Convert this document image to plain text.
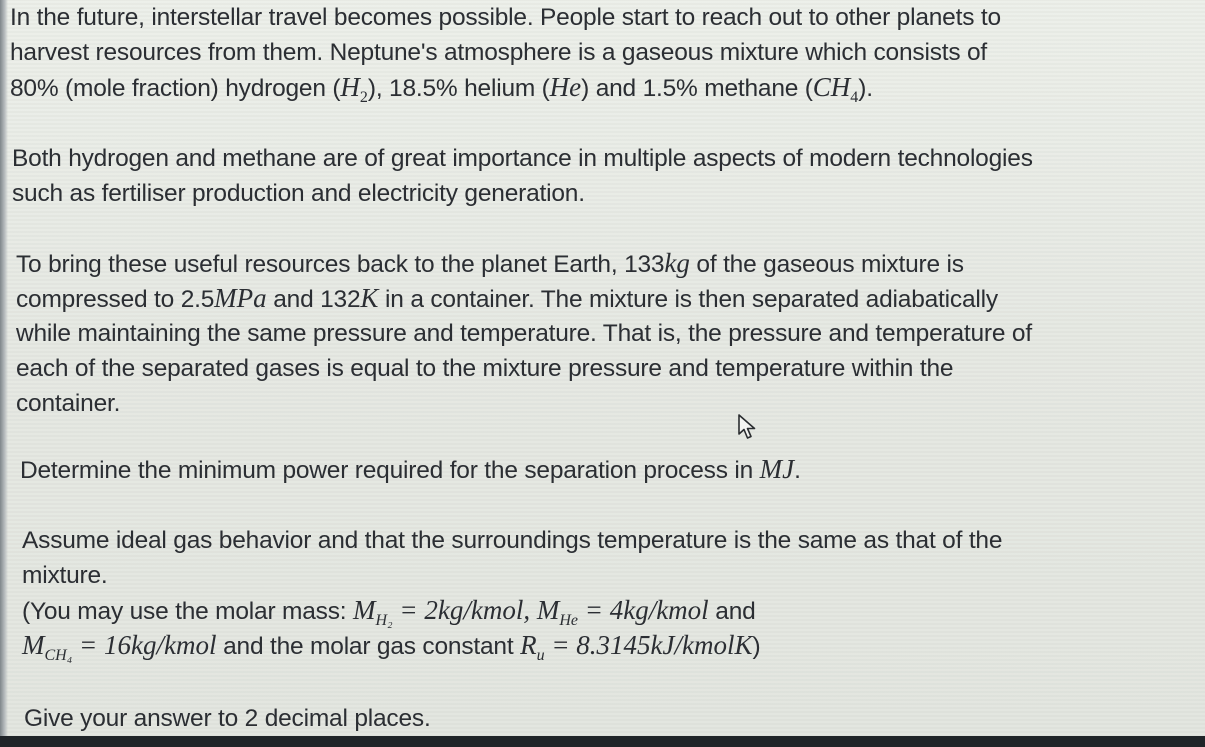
In the future, interstellar travel becomes possible. People start to reach out to other planets to
harvest resources from them. Neptune's atmosphere is a gaseous mixture which consists of
80% (mole fraction) hydrogen $(H_2)$, 18.5% helium (He) and 1.5% methane $(CH_4)$.
Both hydrogen and methane are of great importance in multiple aspects of modern technologies
such as fertiliser production and electricity generation.
To bring these useful resources back to the planet Earth, 133kg of the gaseous mixture is
compressed to 2.5MPa and 132K in a container. The mixture is then separated adiabatically
while maintaining the same pressure and temperature. That is, the pressure and temperature of
each of the separated gases is equal to the mixture pressure and temperature within the
container.
Determine the minimum power required for the separation process in MJ.
Assume ideal gas behavior and that the surroundings temperature is the same as that of the
mixture.
(You may use the molar mass: $M_{H_2}$ = 2kg/kmol, $M_{He}$ = 4kg/kmol and
$M_{CH_4}$ = 16kg/kmol and the molar gas constant $R_u$ = 8.3145kJ/kmolK)
Give your answer to 2 decimal places.
